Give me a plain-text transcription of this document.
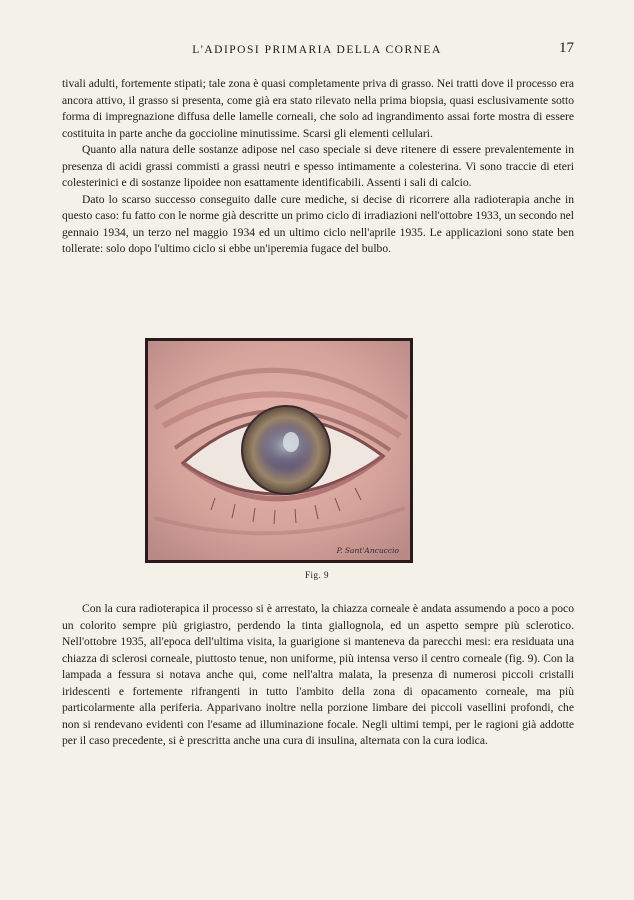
L'ADIPOSI PRIMARIA DELLA CORNEA	17

tivali adulti, fortemente stipati; tale zona è quasi completamente priva di grasso. Nei tratti dove il processo era ancora attivo, il grasso si presenta, come già era stato rilevato nella prima biopsia, quasi esclusivamente sotto forma di impregnazione diffusa delle lamelle corneali, che solo ad ingrandimento assai forte mostra di essere costituita in parte anche da goccioline minutissime. Scarsi gli elementi cellulari.

Quanto alla natura delle sostanze adipose nel caso speciale si deve ritenere di essere prevalentemente in presenza di acidi grassi commisti a grassi neutri e spesso intimamente a colesterina. Vi sono traccie di eteri colesterinici e di sostanze lipoidee non esattamente identificabili. Assenti i sali di calcio.

Dato lo scarso successo conseguito dalle cure mediche, si decise di ricorrere alla radioterapia anche in questo caso: fu fatto con le norme già descritte un primo ciclo di irradiazioni nell'ottobre 1933, un secondo nel gennaio 1934, un terzo nel maggio 1934 ed un ultimo ciclo nell'aprile 1935. Le applicazioni sono state ben tollerate: solo dopo l'ultimo ciclo si ebbe un'iperemia fugace del bulbo.

P. Sant'Ancuccio
Fig. 9

Con la cura radioterapica il processo si è arrestato, la chiazza corneale è andata assumendo a poco a poco un colorito sempre più grigiastro, perdendo la tinta giallognola, ed un aspetto sempre più sclerotico. Nell'ottobre 1935, all'epoca dell'ultima visita, la guarigione si manteneva da parecchi mesi: era residuata una chiazza di sclerosi corneale, piuttosto tenue, non uniforme, più intensa verso il centro corneale (fig. 9). Con la lampada a fessura si notava anche qui, come nell'altra malata, la presenza di numerosi piccoli cristalli iridescenti e fortemente rifrangenti in tutto l'ambito della zona di opacamento corneale, ma più particolarmente alla periferia. Apparivano inoltre nella porzione limbare dei piccoli vasellini profondi, che non si rendevano evidenti con l'esame ad illuminazione focale. Negli ultimi tempi, per le ragioni già addotte per il caso precedente, si è prescritta anche una cura di insulina, alternata con la cura iodica.
